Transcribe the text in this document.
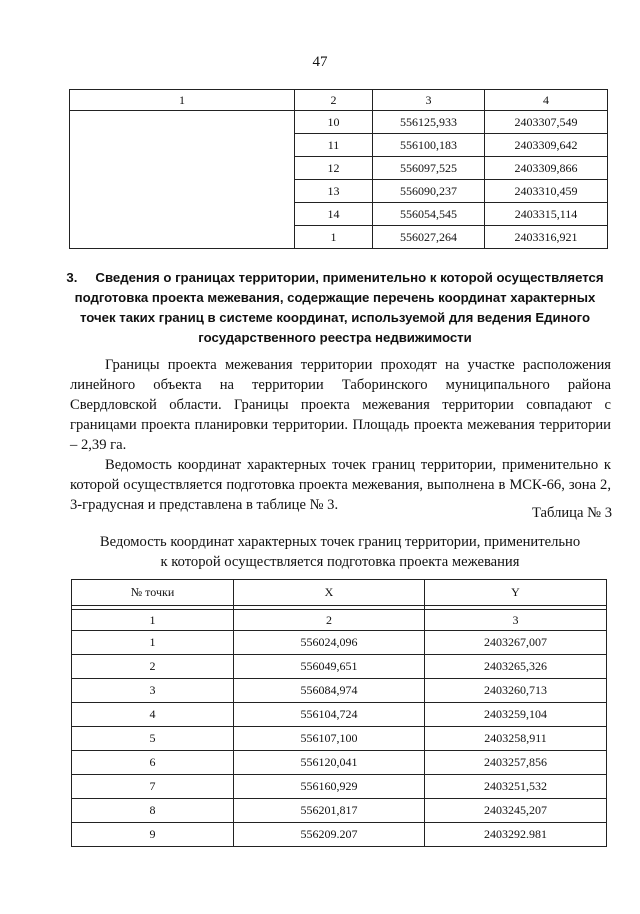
47
1	2	3	4
	10	556125,933	2403307,549
	11	556100,183	2403309,642
	12	556097,525	2403309,866
	13	556090,237	2403310,459
	14	556054,545	2403315,114
	1	556027,264	2403316,921
3. Сведения о границах территории, применительно к которой осуществляется подготовка проекта межевания, содержащие перечень координат характерных точек таких границ в системе координат, используемой для ведения Единого государственного реестра недвижимости

Границы проекта межевания территории проходят на участке расположения линейного объекта на территории Таборинского муниципального района Свердловской области. Границы проекта межевания территории совпадают с границами проекта планировки территории. Площадь проекта межевания территории – 2,39 га.

Ведомость координат характерных точек границ территории, применительно к которой осуществляется подготовка проекта межевания, выполнена в МСК-66, зона 2, 3-градусная и представлена в таблице № 3.	Таблица № 3
Ведомость координат характерных точек границ территории, применительно
к которой осуществляется подготовка проекта межевания
№ точки	X	Y

1	2	3
1	556024,096	2403267,007
2	556049,651	2403265,326
3	556084,974	2403260,713
4	556104,724	2403259,104
5	556107,100	2403258,911
6	556120,041	2403257,856
7	556160,929	2403251,532
8	556201,817	2403245,207
9	556209.207	2403292.981
